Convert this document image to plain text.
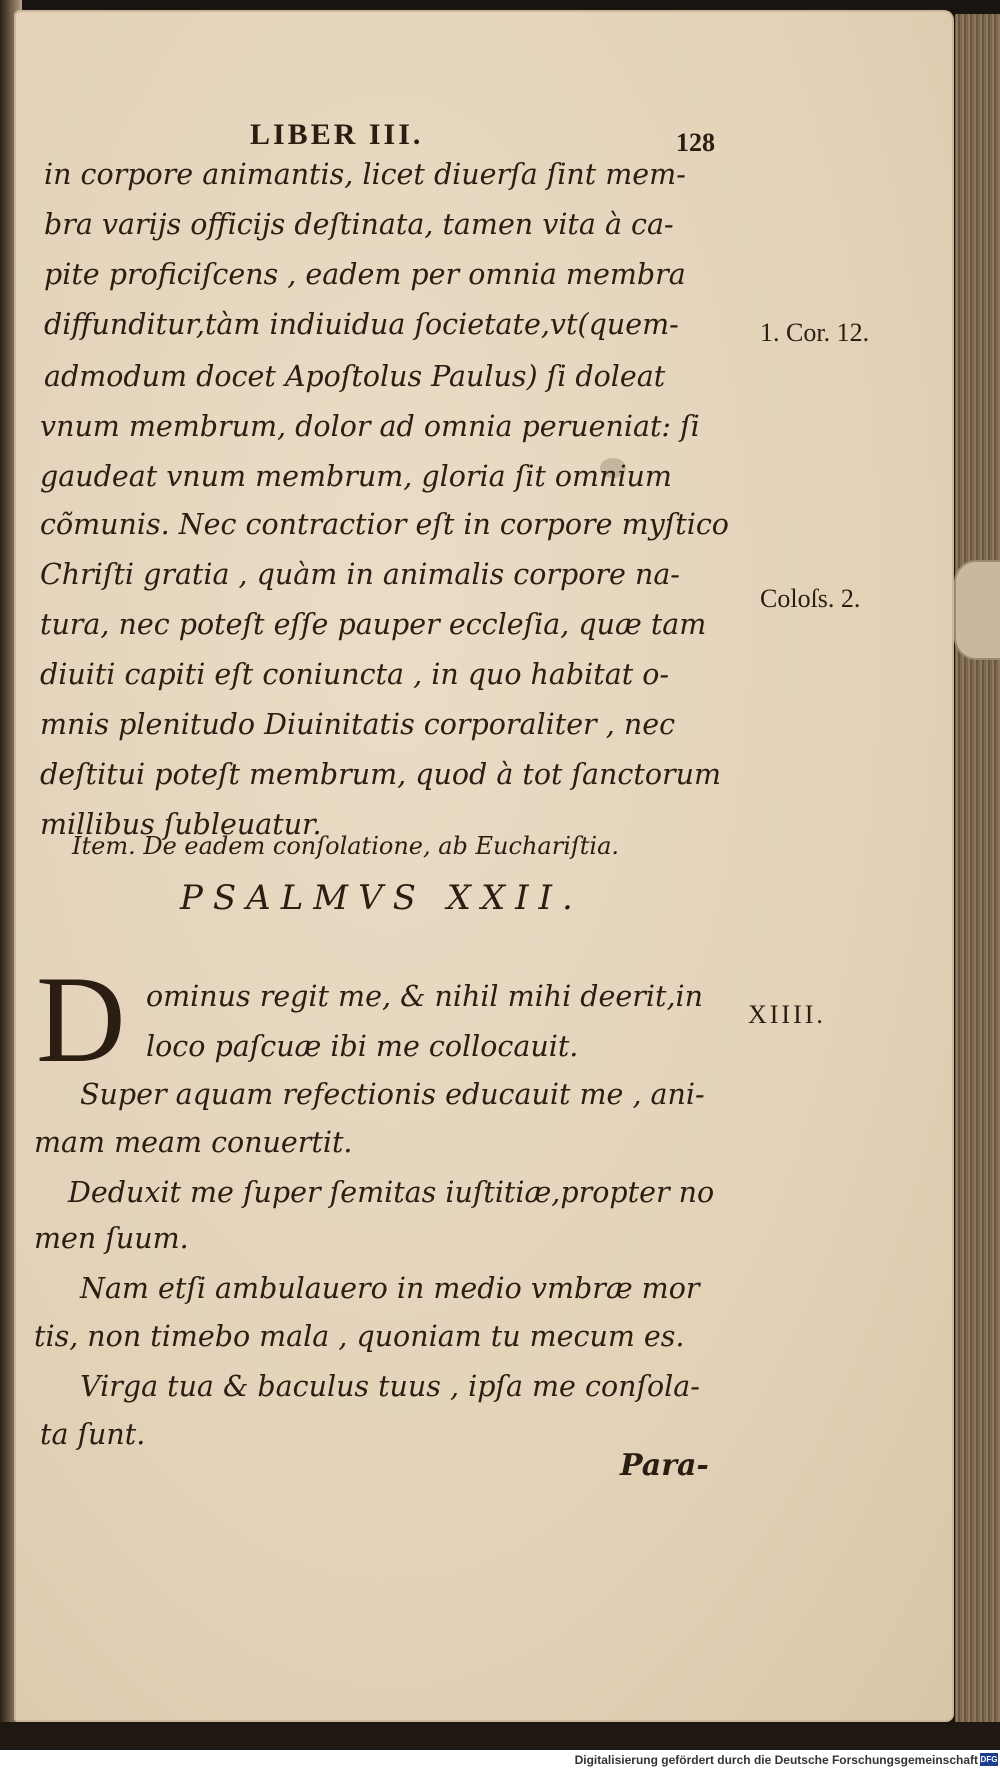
LIBER III.	128
in corpore animantis, licet diuerſa ſint mem-
bra varijs officijs deſtinata, tamen vita à ca-
pite proficiſcens , eadem per omnia membra
diffunditur,tàm indiuidua ſocietate,vt(quem-
admodum docet Apoſtolus Paulus) ſi doleat
vnum membrum, dolor ad omnia perueniat: ſi
gaudeat vnum membrum, gloria ſit omnium
cõmunis. Nec contractior eſt in corpore myſtico
Chriſti gratia , quàm in animalis corpore na-
tura, nec poteſt eſſe pauper eccleſia, quæ tam
diuiti capiti eſt coniuncta , in quo habitat o-
mnis plenitudo Diuinitatis corporaliter , nec
deſtitui poteſt membrum, quod à tot ſanctorum
millibus ſubleuatur.
1. Cor. 12.
Coloſs. 2.
XIIII.
Item. De eadem conſolatione, ab Euchariſtia.
PSALMVS XXII.
D ominus regit me, & nihil mihi deerit,in
loco paſcuæ ibi me collocauit.
Super aquam refectionis educauit me , ani-
mam meam conuertit.
Deduxit me ſuper ſemitas iuſtitiæ,propter no
men ſuum.
Nam etſi ambulauero in medio vmbræ mor
tis, non timebo mala , quoniam tu mecum es.
Virga tua & baculus tuus , ipſa me conſola-
ta ſunt.
Para-
Digitalisierung gefördert durch die Deutsche Forschungsgemeinschaft DFG
